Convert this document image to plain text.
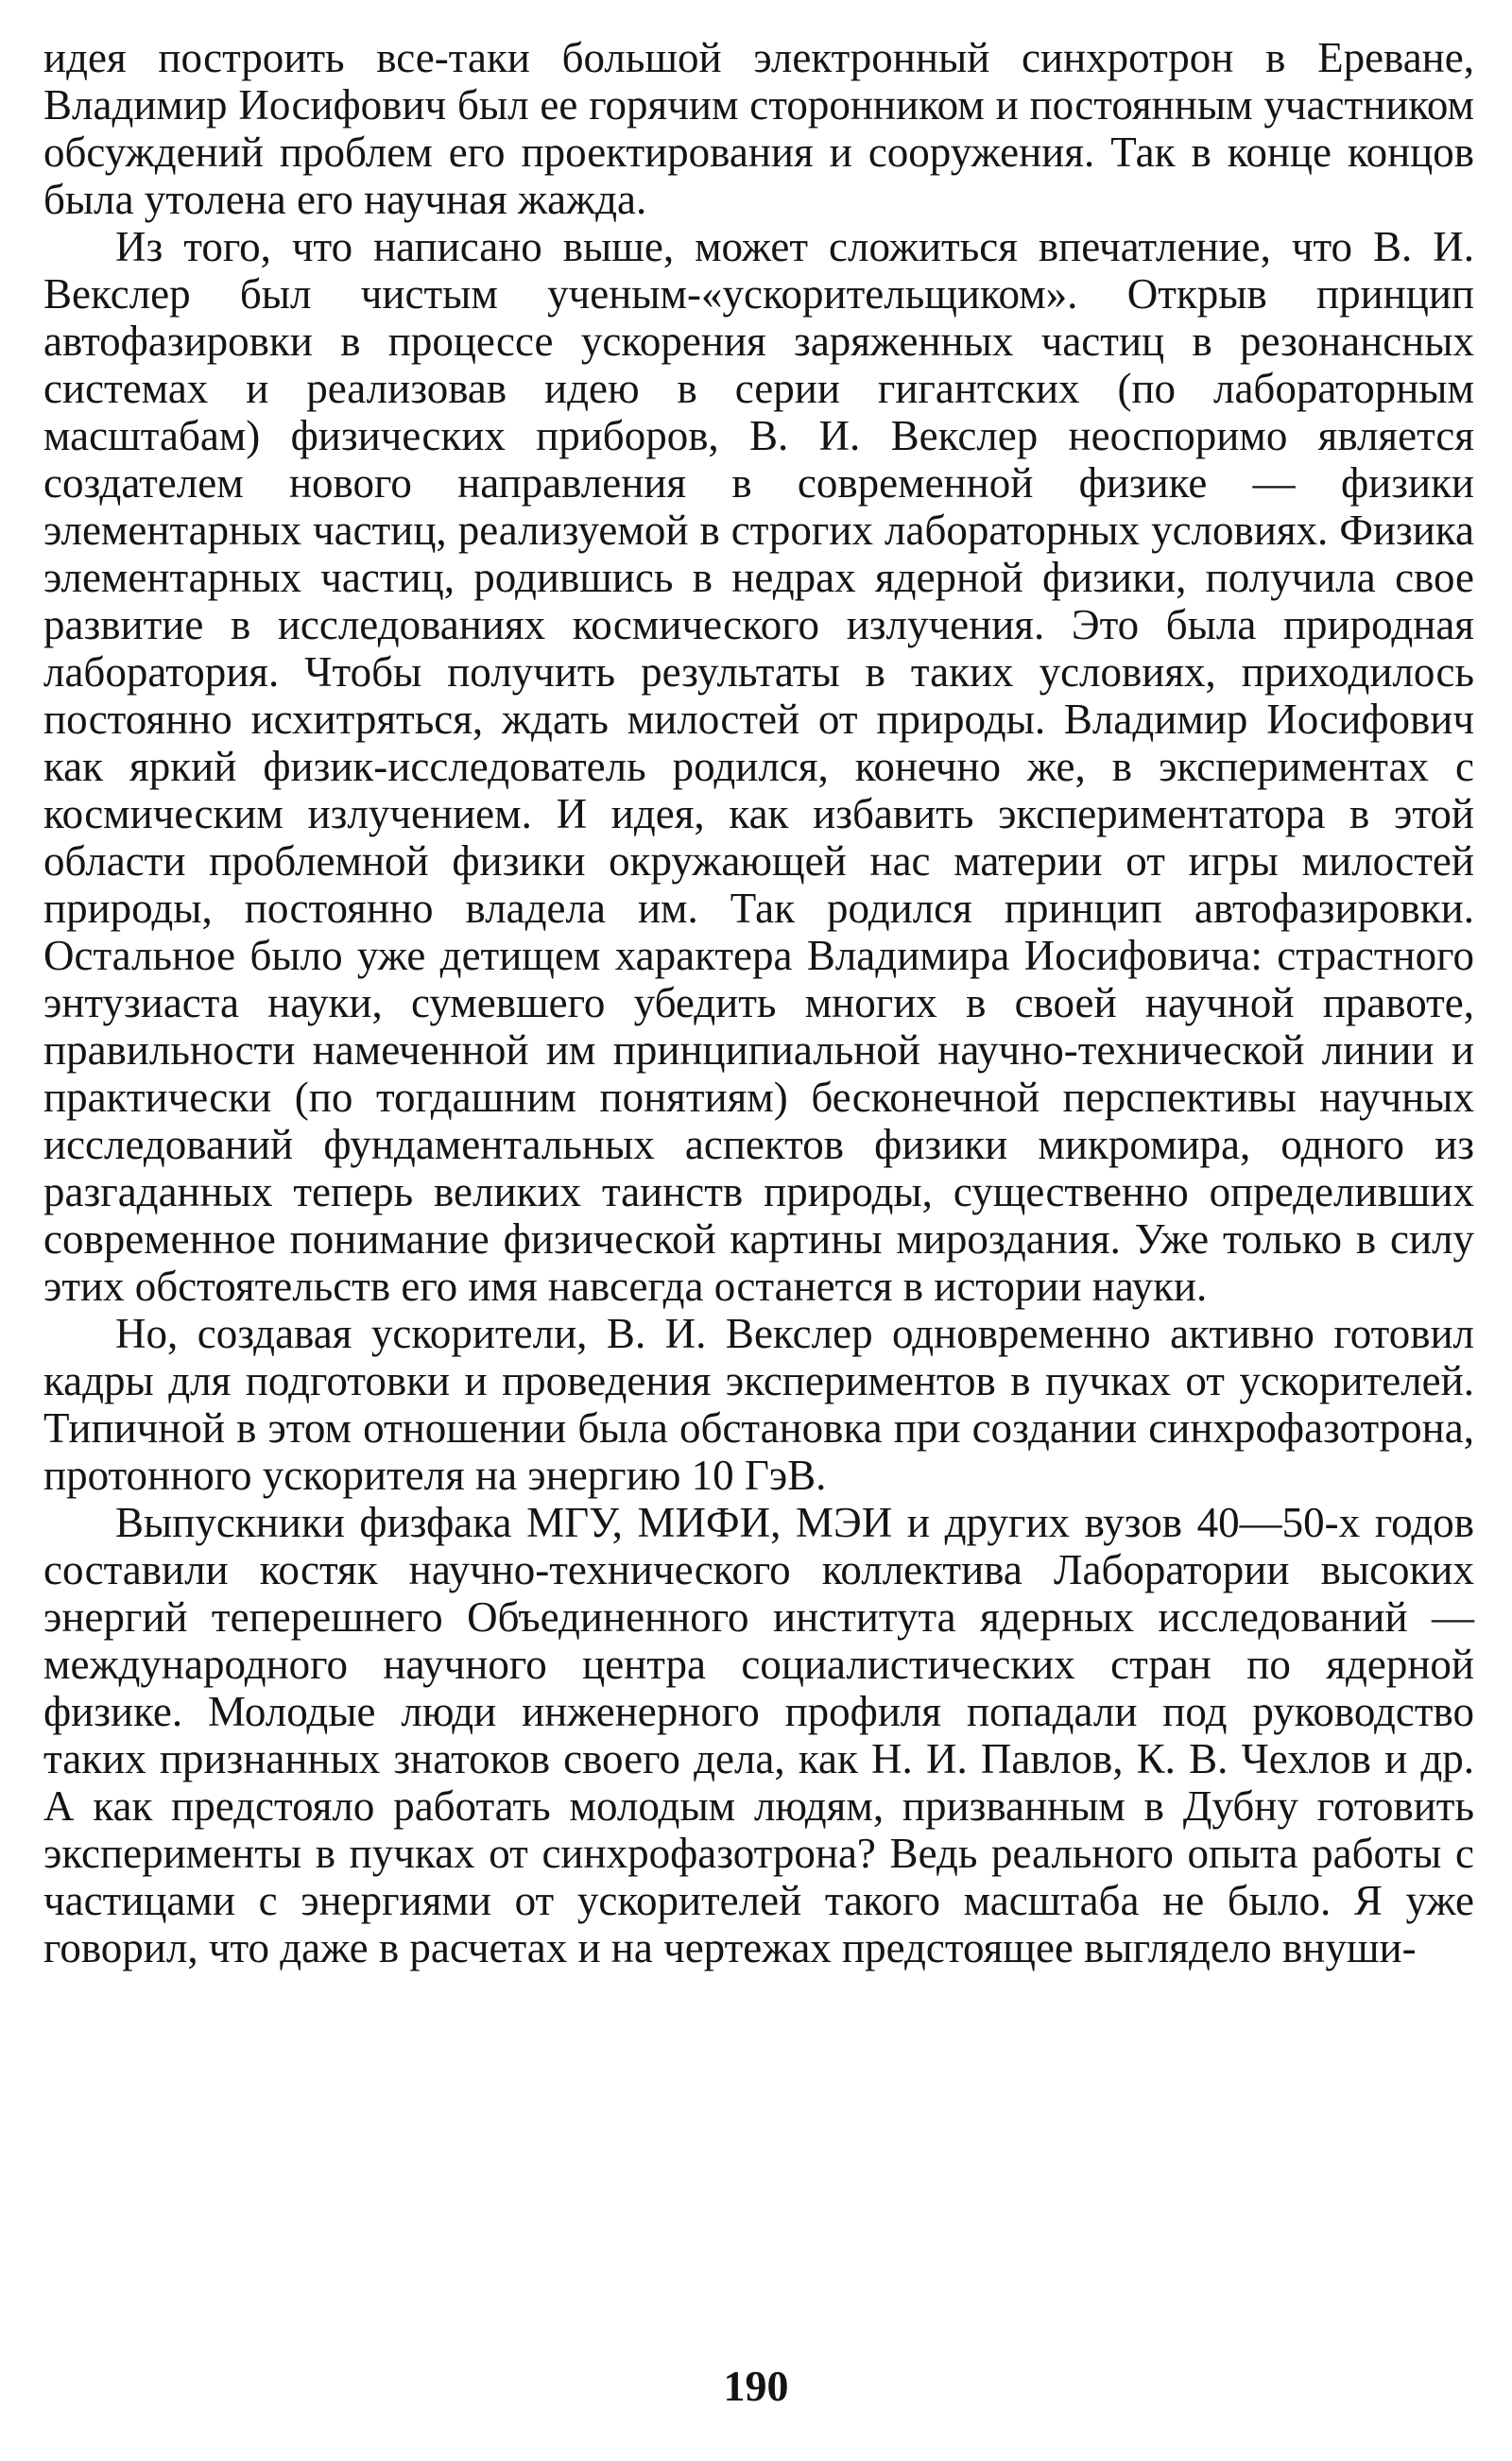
идея построить все-таки большой электронный синхротрон в Ереване, Владимир Иосифович был ее горячим сторонником и постоянным участником обсуждений проблем его проектирования и сооружения. Так в конце концов была утолена его научная жажда.

Из того, что написано выше, может сложиться впечатление, что В. И. Векслер был чистым ученым-«ускорительщиком». Открыв принцип автофазировки в процессе ускорения заряженных частиц в резонансных системах и реализовав идею в серии гигантских (по лабораторным масштабам) физических приборов, В. И. Векслер неоспоримо является создателем нового направления в современной физике — физики элементарных частиц, реализуемой в строгих лабораторных условиях. Физика элементарных частиц, родившись в недрах ядерной физики, получила свое развитие в исследованиях космического излучения. Это была природная лаборатория. Чтобы получить результаты в таких условиях, приходилось постоянно исхитряться, ждать милостей от природы. Владимир Иосифович как яркий физик-исследователь родился, конечно же, в экспериментах с космическим излучением. И идея, как избавить экспериментатора в этой области проблемной физики окружающей нас материи от игры милостей природы, постоянно владела им. Так родился принцип автофазировки. Остальное было уже детищем характера Владимира Иосифовича: страстного энтузиаста науки, сумевшего убедить многих в своей научной правоте, правильности намеченной им принципиальной научно-технической линии и практически (по тогдашним понятиям) бесконечной перспективы научных исследований фундаментальных аспектов физики микромира, одного из разгаданных теперь великих таинств природы, существенно определивших современное понимание физической картины мироздания. Уже только в силу этих обстоятельств его имя навсегда останется в истории науки.

Но, создавая ускорители, В. И. Векслер одновременно активно готовил кадры для подготовки и проведения экспериментов в пучках от ускорителей. Типичной в этом отношении была обстановка при создании синхрофазотрона, протонного ускорителя на энергию 10 ГэВ.

Выпускники физфака МГУ, МИФИ, МЭИ и других вузов 40—50-х годов составили костяк научно-технического коллектива Лаборатории высоких энергий теперешнего Объединенного института ядерных исследований — международного научного центра социалистических стран по ядерной физике. Молодые люди инженерного профиля попадали под руководство таких признанных знатоков своего дела, как Н. И. Павлов, К. В. Чехлов и др. А как предстояло работать молодым людям, призванным в Дубну готовить эксперименты в пучках от синхрофазотрона? Ведь реального опыта работы с частицами с энергиями от ускорителей такого масштаба не было. Я уже говорил, что даже в расчетах и на чертежах предстоящее выглядело внуши-

190
